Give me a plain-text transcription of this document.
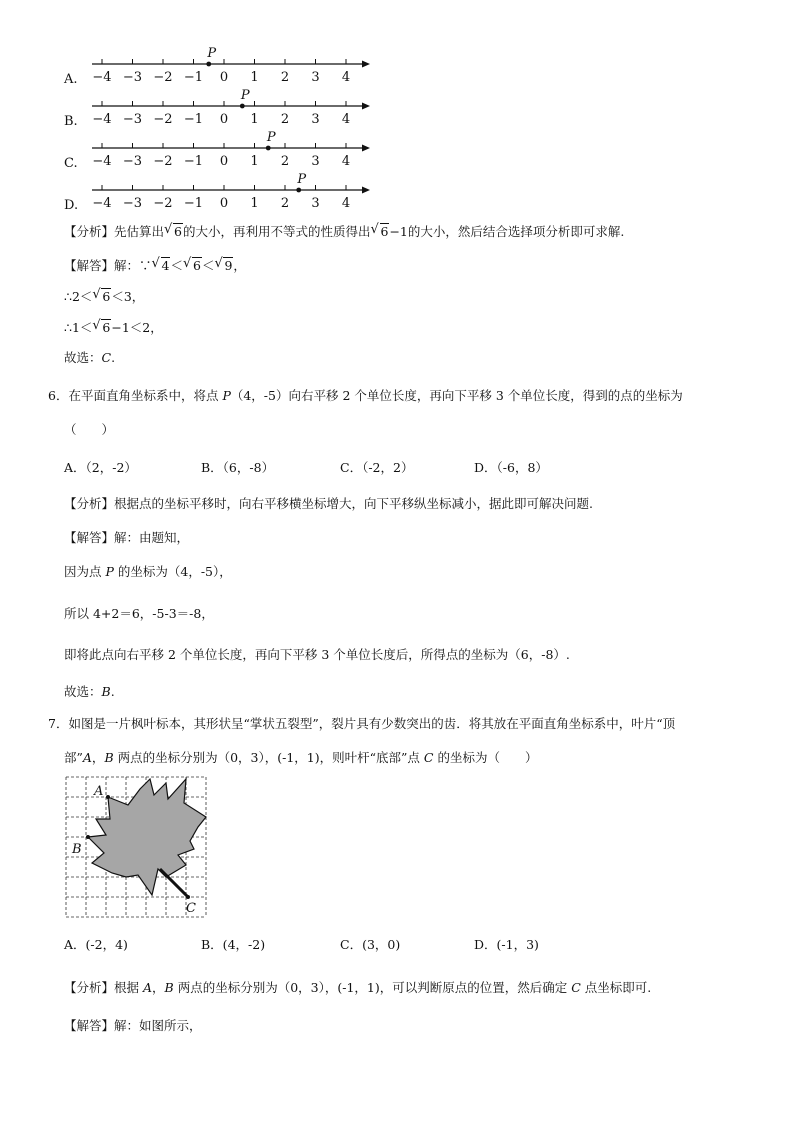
A. −4 −3 −2 −1 0 1 2 3 4
P
−4 −3 −2 −1 0 1 2 3 4
P
−4 −3 −2 −1 0 1 2 3 4
P
−4 −3 −2 −1 0 1 2 3 4
P
B.
C.
D.
【分析】先估算出 √ 6的大小，再利用不等式的性质得出 √ 6−1的大小，然后结合选择项分析即可求解.
【解答】解：∵ √ 4＜ √ 6＜ √ 9，
∴2＜ √ 6＜3，
∴1＜ √ 6−1＜2，
故选：C.
6．在平面直角坐标系中，将点 P（4，-5）向右平移 2 个单位长度，再向下平移 3 个单位长度，得到的点的坐标为
（　　）
A．（2，-2）	B．（6，-8）	C．（-2，2）	D．（-6，8）
【分析】根据点的坐标平移时，向右平移横坐标增大，向下平移纵坐标减小，据此即可解决问题.
【解答】解：由题知，
因为点 P 的坐标为（4，-5），
所以 4+2＝6，-5-3＝-8，
即将此点向右平移 2 个单位长度，再向下平移 3 个单位长度后，所得点的坐标为（6，-8）.
故选：B.
7．如图是一片枫叶标本，其形状呈“掌状五裂型”，裂片具有少数突出的齿．将其放在平面直角坐标系中，叶片“顶
部”A，B 两点的坐标分别为（0，3），(-1，1)，则叶杆“底部”点 C 的坐标为（　　）
A
B
C
A．(-2，4)	B．(4，-2)	C．(3，0)	D．(-1，3)
【分析】根据 A，B 两点的坐标分别为（0，3），(-1，1)，可以判断原点的位置，然后确定 C 点坐标即可.
【解答】解：如图所示，
